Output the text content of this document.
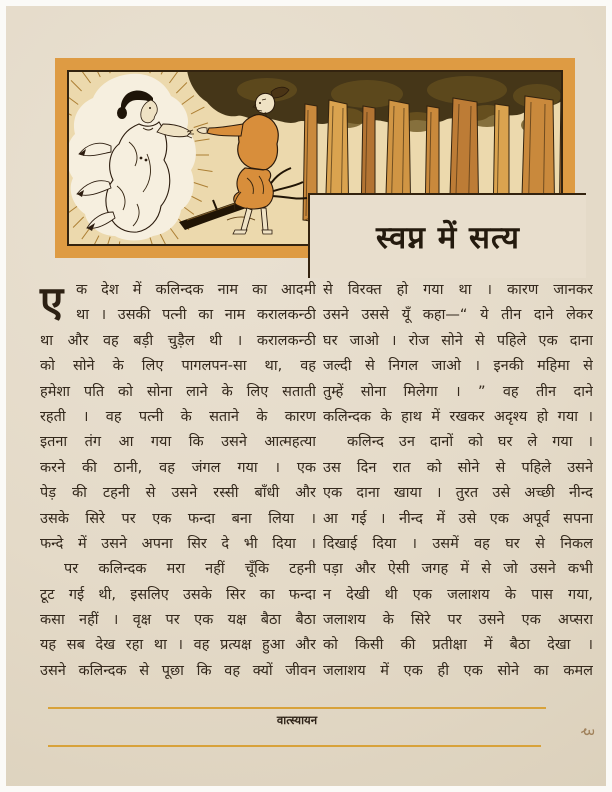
स्वप्न में सत्य
ए क देश में कलिन्दक नाम का आदमी
था । उसकी पत्नी का नाम करालकन्ठी
था और वह बड़ी चुड़ैल थी । करालकन्ठी
को सोने के लिए पागलपन-सा था, वह
हमेशा पति को सोना लाने के लिए सताती
रहती । वह पत्नी के सताने के कारण
इतना तंग आ गया कि उसने आत्महत्या
करने की ठानी, वह जंगल गया । एक
पेड़ की टहनी से उसने रस्सी बाँधी और
उसके सिरे पर एक फन्दा बना लिया ।
फन्दे में उसने अपना सिर दे भी दिया ।
पर कलिन्दक मरा नहीं चूँकि टहनी
टूट गई थी, इसलिए उसके सिर का फन्दा
कसा नहीं । वृक्ष पर एक यक्ष बैठा बैठा
यह सब देख रहा था । वह प्रत्यक्ष हुआ और
उसने कलिन्दक से पूछा कि वह क्यों जीवन
से विरक्त हो गया था । कारण जानकर
उसने उससे यूँ कहा—“ ये तीन दाने लेकर
घर जाओ । रोज सोने से पहिले एक दाना
जल्दी से निगल जाओ । इनकी महिमा से
तुम्हें सोना मिलेगा । ” वह तीन दाने
कलिन्दक के हाथ में रखकर अदृश्य हो गया ।
कलिन्द उन दानों को घर ले गया ।
उस दिन रात को सोने से पहिले उसने
एक दाना खाया । तुरत उसे अच्छी नीन्द
आ गई । नीन्द में उसे एक अपूर्व सपना
दिखाई दिया । उसमें वह घर से निकल
पड़ा और ऐसी जगह में से जो उसने कभी
न देखी थी एक जलाशय के पास गया,
जलाशय के सिरे पर उसने एक अप्सरा
को किसी की प्रतीक्षा में बैठा देखा ।
जलाशय में एक ही एक सोने का कमल
वात्स्यायन
३
